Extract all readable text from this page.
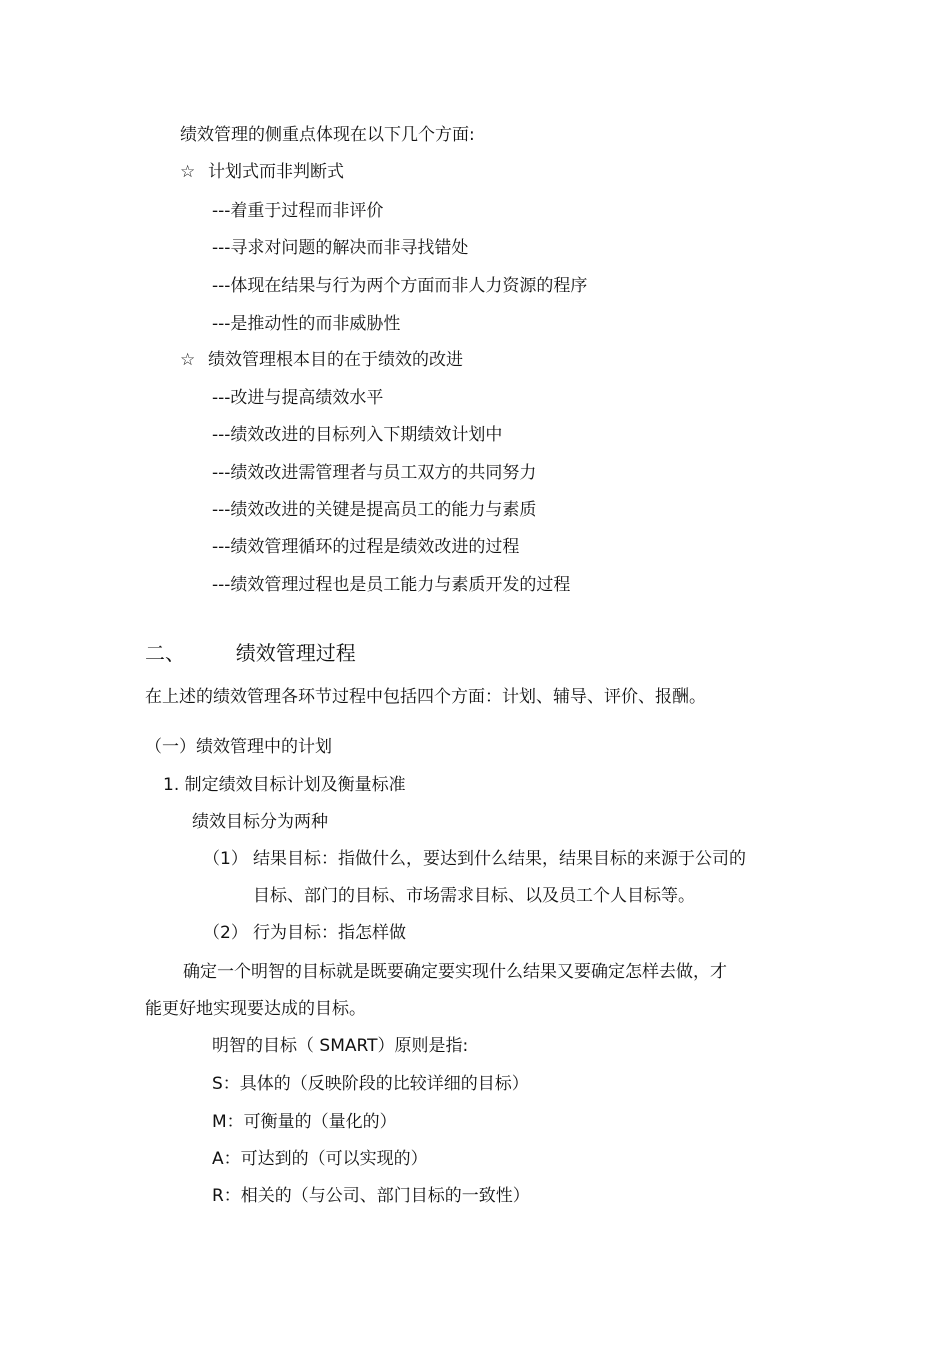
绩效管理的侧重点体现在以下几个方面:
☆ 计划式而非判断式
---着重于过程而非评价
---寻求对问题的解决而非寻找错处
---体现在结果与行为两个方面而非人力资源的程序
---是推动性的而非威胁性
☆ 绩效管理根本目的在于绩效的改进
---改进与提高绩效水平
---绩效改进的目标列入下期绩效计划中
---绩效改进需管理者与员工双方的共同努力
---绩效改进的关键是提高员工的能力与素质
---绩效管理循环的过程是绩效改进的过程
---绩效管理过程也是员工能力与素质开发的过程
二、	绩效管理过程
在上述的绩效管理各环节过程中包括四个方面：计划、辅导、评价、报酬。
（一）绩效管理中的计划
1. 制定绩效目标计划及衡量标准
绩效目标分为两种
（1） 结果目标：指做什么，要达到什么结果，结果目标的来源于公司的
目标、部门的目标、市场需求目标、以及员工个人目标等。
（2） 行为目标：指怎样做
确定一个明智的目标就是既要确定要实现什么结果又要确定怎样去做，才
能更好地实现要达成的目标。
明智的目标（ SMART）原则是指:
S：具体的（反映阶段的比较详细的目标）
M：可衡量的（量化的）
A：可达到的（可以实现的）
R：相关的（与公司、部门目标的一致性）
